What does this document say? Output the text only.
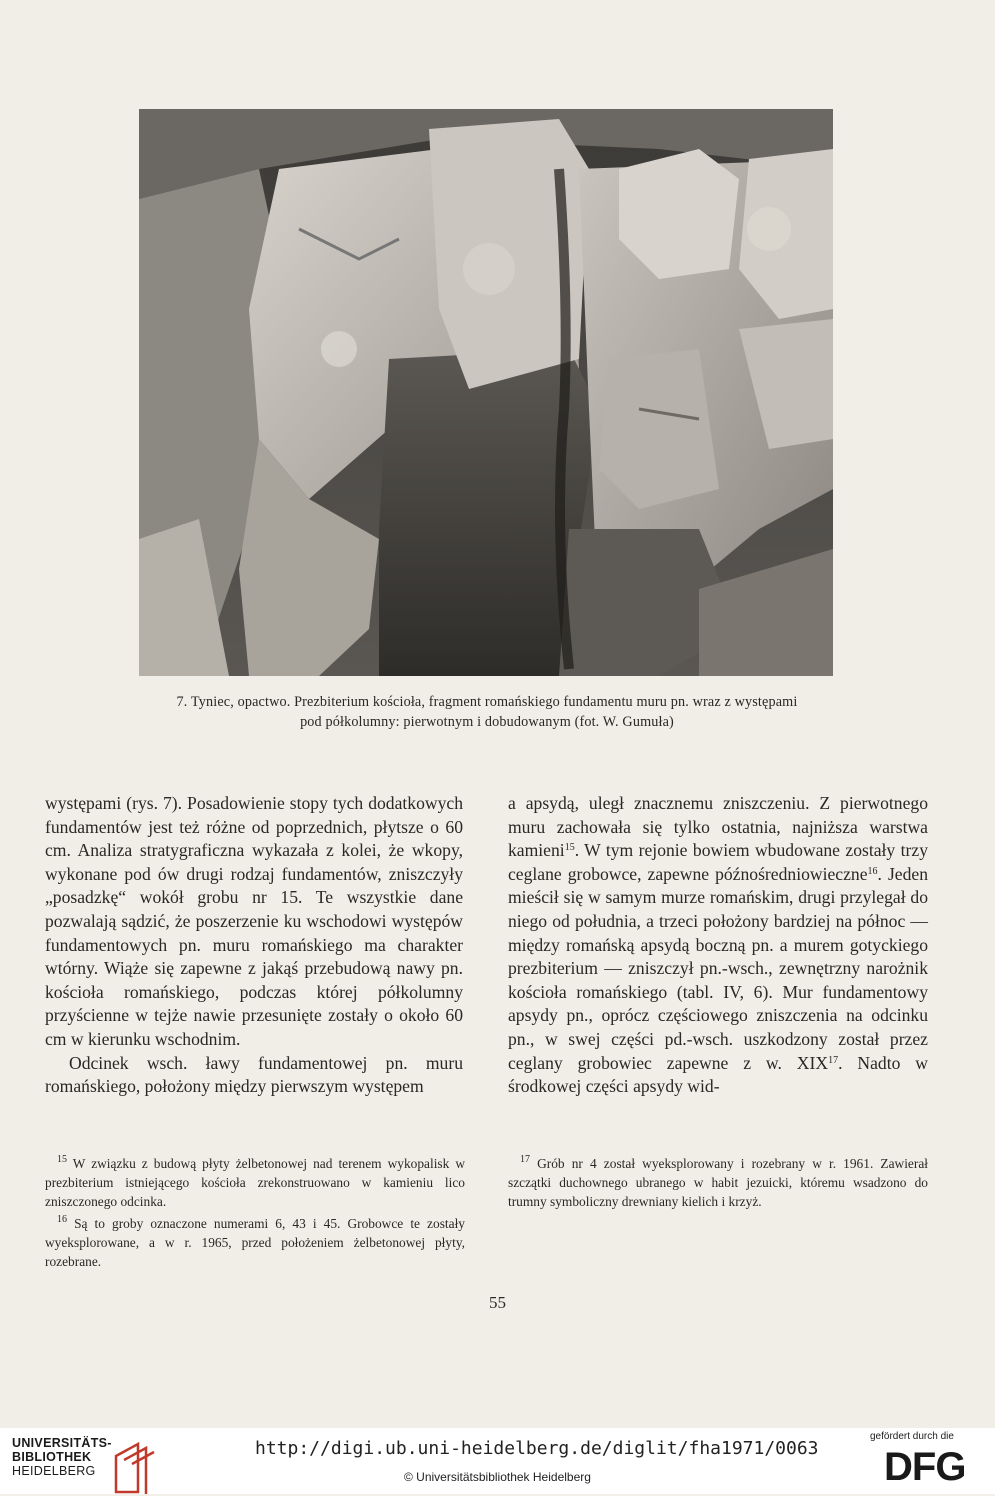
7. Tyniec, opactwo. Prezbiterium kościoła, fragment romańskiego fundamentu muru pn. wraz z występami
pod półkolumny: pierwotnym i dobudowanym (fot. W. Gumuła)

występami (rys. 7). Posadowienie stopy tych dodatkowych fundamentów jest też różne od poprzednich, płytsze o 60 cm. Analiza stratygraficzna wykazała z kolei, że wkopy, wykonane pod ów drugi rodzaj fundamentów, zniszczyły „posadzkę“ wokół grobu nr 15. Te wszystkie dane pozwalają sądzić, że poszerzenie ku wschodowi występów fundamentowych pn. muru romańskiego ma charakter wtórny. Wiąże się zapewne z jakąś przebudową nawy pn. kościoła romańskiego, podczas której półkolumny przyścienne w tejże nawie przesunięte zostały o około 60 cm w kierunku wschodnim.

Odcinek wsch. ławy fundamentowej pn. muru romańskiego, położony między pierwszym występem

a apsydą, uległ znacznemu zniszczeniu. Z pierwotnego muru zachowała się tylko ostatnia, najniższa warstwa kamieni$^{15}$. W tym rejonie bowiem wbudowane zostały trzy ceglane grobowce, zapewne późnośredniowieczne$^{16}$. Jeden mieścił się w samym murze romańskim, drugi przylegał do niego od południa, a trzeci położony bardziej na północ — między romańską apsydą boczną pn. a murem gotyckiego prezbiterium — zniszczył pn.-wsch., zewnętrzny narożnik kościoła romańskiego (tabl. IV, 6). Mur fundamentowy apsydy pn., oprócz częściowego zniszczenia na odcinku pn., w swej części pd.-wsch. uszkodzony został przez ceglany grobowiec zapewne z w. XIX$^{17}$. Nadto w środkowej części apsydy wid-

$^{15}$ W związku z budową płyty żelbetonowej nad terenem wykopalisk w prezbiterium istniejącego kościoła zrekonstruowano w kamieniu lico zniszczonego odcinka.

$^{16}$ Są to groby oznaczone numerami 6, 43 i 45. Grobowce te zostały wyeksplorowane, a w r. 1965, przed położeniem żelbetonowej płyty, rozebrane.

$^{17}$ Grób nr 4 został wyeksplorowany i rozebrany w r. 1961. Zawierał szczątki duchownego ubranego w habit jezuicki, któremu wsadzono do trumny symboliczny drewniany kielich i krzyż.

55
UNIVERSITÄTS-
BIBLIOTHEK
HEIDELBERG
http://digi.ub.uni-heidelberg.de/diglit/fha1971/0063
© Universitätsbibliothek Heidelberg
gefördert durch die
DFG
